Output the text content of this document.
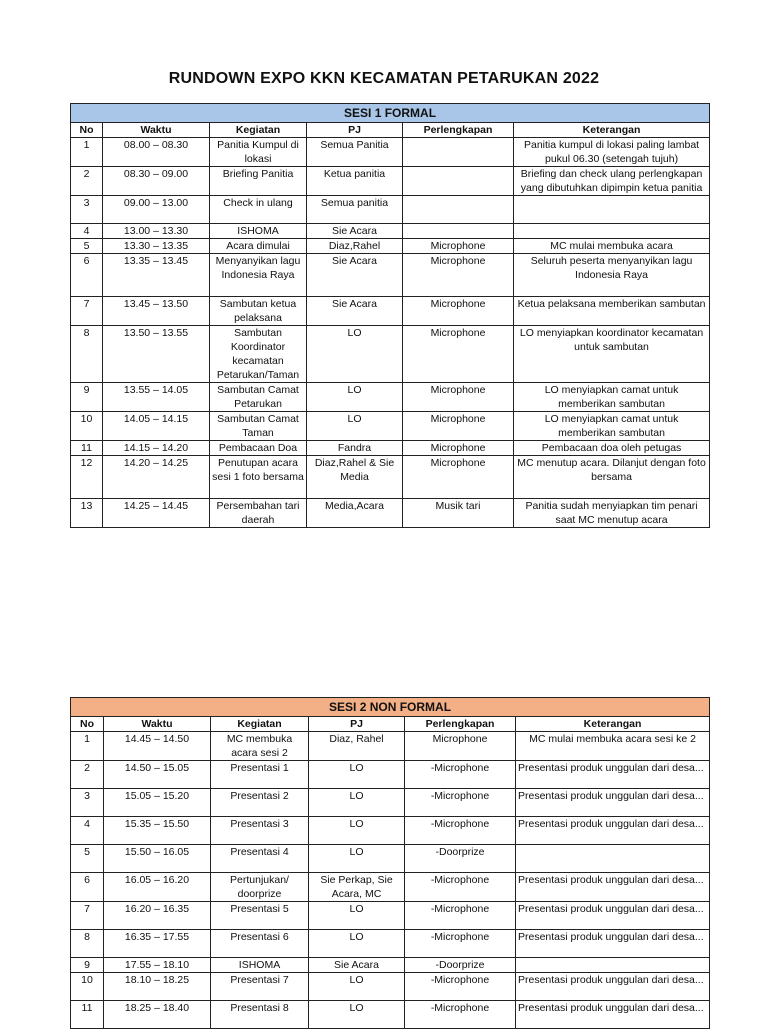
RUNDOWN EXPO KKN KECAMATAN PETARUKAN 2022
SESI 1 FORMAL					
No	Waktu	Kegiatan	PJ	Perlengkapan	Keterangan
1	08.00 – 08.30	Panitia Kumpul di lokasi	Semua Panitia		Panitia kumpul di lokasi paling lambat pukul 06.30 (setengah tujuh)
2	08.30 – 09.00	Briefing Panitia	Ketua panitia		Briefing dan check ulang perlengkapan yang dibutuhkan dipimpin ketua panitia
3	09.00 – 13.00	Check in ulang	Semua panitia		
4	13.00 – 13.30	ISHOMA	Sie Acara		
5	13.30 – 13.35	Acara dimulai	Diaz,Rahel	Microphone	MC mulai membuka acara
6	13.35 – 13.45	Menyanyikan lagu Indonesia Raya	Sie Acara	Microphone	Seluruh peserta menyanyikan lagu Indonesia Raya
7	13.45 – 13.50	Sambutan ketua pelaksana	Sie Acara	Microphone	Ketua pelaksana memberikan sambutan
8	13.50 – 13.55	Sambutan Koordinator kecamatan Petarukan/Taman	LO	Microphone	LO menyiapkan koordinator kecamatan untuk sambutan
9	13.55 – 14.05	Sambutan Camat Petarukan	LO	Microphone	LO menyiapkan camat untuk memberikan sambutan
10	14.05 – 14.15	Sambutan Camat Taman	LO	Microphone	LO menyiapkan camat untuk memberikan sambutan
11	14.15 – 14.20	Pembacaan Doa	Fandra	Microphone	Pembacaan doa oleh petugas
12	14.20 – 14.25	Penutupan acara sesi 1 foto bersama	Diaz,Rahel & Sie Media	Microphone	MC menutup acara. Dilanjut dengan foto bersama
13	14.25 – 14.45	Persembahan tari daerah	Media,Acara	Musik tari	Panitia sudah menyiapkan tim penari saat MC menutup acara
SESI 2 NON FORMAL					
No	Waktu	Kegiatan	PJ	Perlengkapan	Keterangan
1	14.45 – 14.50	MC membuka acara sesi 2	Diaz, Rahel	Microphone	MC mulai membuka acara sesi ke 2
2	14.50 – 15.05	Presentasi 1	LO	-Microphone	Presentasi produk unggulan dari desa...
3	15.05 – 15.20	Presentasi 2	LO	-Microphone	Presentasi produk unggulan dari desa...
4	15.35 – 15.50	Presentasi 3	LO	-Microphone	Presentasi produk unggulan dari desa...
5	15.50 – 16.05	Presentasi 4	LO	-Doorprize	
6	16.05 – 16.20	Pertunjukan/ doorprize	Sie Perkap, Sie Acara, MC	-Microphone	Presentasi produk unggulan dari desa...
7	16.20 – 16.35	Presentasi 5	LO	-Microphone	Presentasi produk unggulan dari desa...
8	16.35 – 17.55	Presentasi 6	LO	-Microphone	Presentasi produk unggulan dari desa...
9	17.55 – 18.10	ISHOMA	Sie Acara	-Doorprize	
10	18.10 – 18.25	Presentasi 7	LO	-Microphone	Presentasi produk unggulan dari desa...
11	18.25 – 18.40	Presentasi 8	LO	-Microphone	Presentasi produk unggulan dari desa...
